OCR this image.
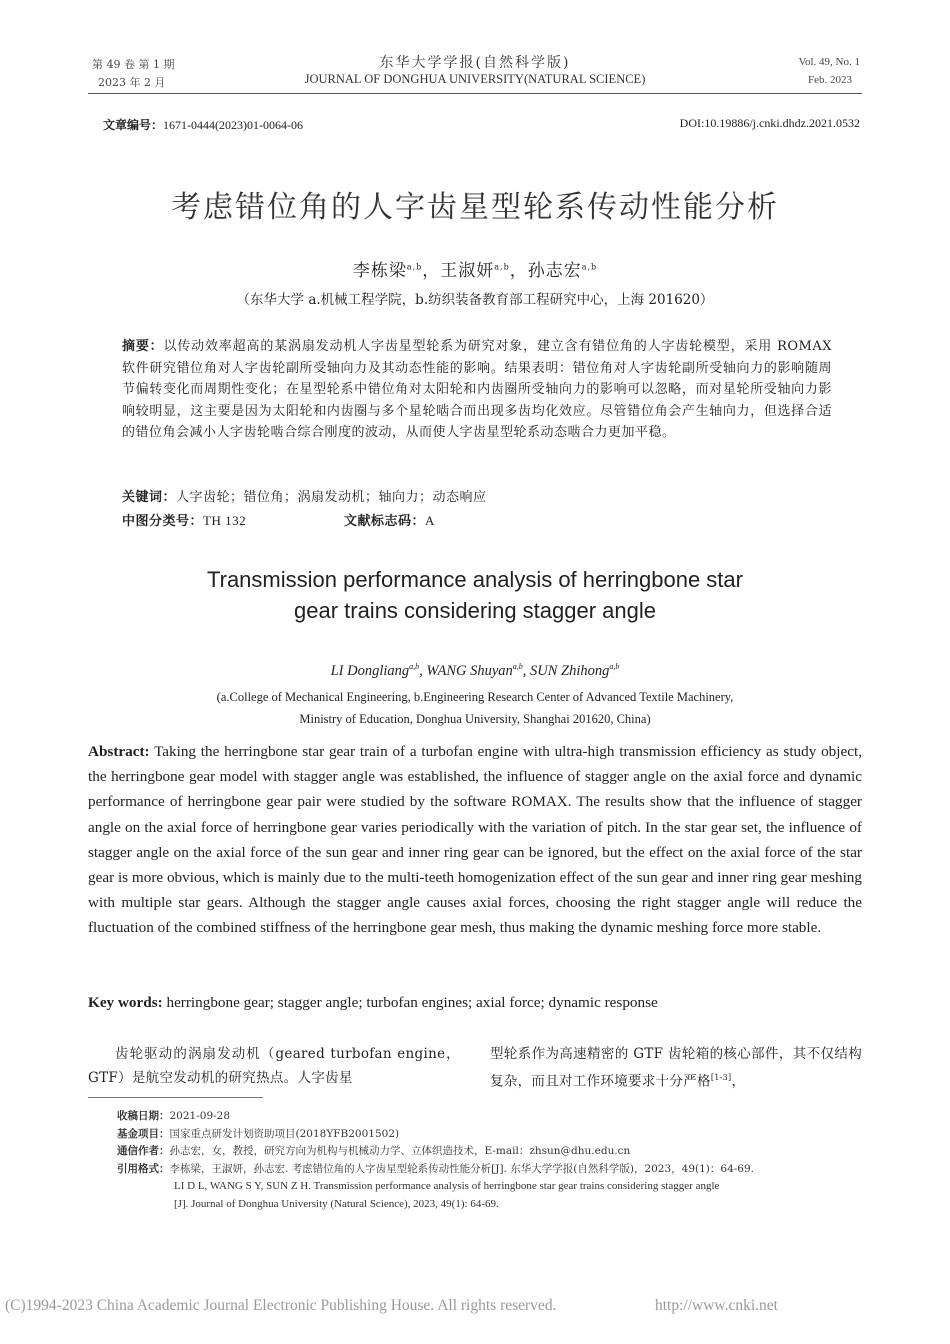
第 49 卷 第 1 期
2023 年 2 月
东华大学学报(自然科学版)
JOURNAL OF DONGHUA UNIVERSITY(NATURAL SCIENCE)
Vol. 49, No. 1
Feb. 2023
文章编号：1671-0444(2023)01-0064-06	DOI:10.19886/j.cnki.dhdz.2021.0532
考虑错位角的人字齿星型轮系传动性能分析
李栋梁$^{a,b}$，王淑妍$^{a,b}$，孙志宏$^{a,b}$
（东华大学 a.机械工程学院，b.纺织装备教育部工程研究中心，上海 201620）
摘要：以传动效率超高的某涡扇发动机人字齿星型轮系为研究对象，建立含有错位角的人字齿轮模型，采用 ROMAX 软件研究错位角对人字齿轮副所受轴向力及其动态性能的影响。结果表明：错位角对人字齿轮副所受轴向力的影响随周节偏转变化而周期性变化；在星型轮系中错位角对太阳轮和内齿圈所受轴向力的影响可以忽略，而对星轮所受轴向力影响较明显，这主要是因为太阳轮和内齿圈与多个星轮啮合而出现多齿均化效应。尽管错位角会产生轴向力，但选择合适的错位角会减小人字齿轮啮合综合刚度的波动，从而使人字齿星型轮系动态啮合力更加平稳。
关键词：人字齿轮；错位角；涡扇发动机；轴向力；动态响应
中图分类号：TH 132	文献标志码：A
Transmission performance analysis of herringbone star
gear trains considering stagger angle
LI Dongliang$^{a,b}$, WANG Shuyan$^{a,b}$, SUN Zhihong$^{a,b}$
(a.College of Mechanical Engineering, b.Engineering Research Center of Advanced Textile Machinery,
Ministry of Education, Donghua University, Shanghai 201620, China)
Abstract: Taking the herringbone star gear train of a turbofan engine with ultra-high transmission efficiency as study object, the herringbone gear model with stagger angle was established, the influence of stagger angle on the axial force and dynamic performance of herringbone gear pair were studied by the software ROMAX. The results show that the influence of stagger angle on the axial force of herringbone gear varies periodically with the variation of pitch. In the star gear set, the influence of stagger angle on the axial force of the sun gear and inner ring gear can be ignored, but the effect on the axial force of the star gear is more obvious, which is mainly due to the multi-teeth homogenization effect of the sun gear and inner ring gear meshing with multiple star gears. Although the stagger angle causes axial forces, choosing the right stagger angle will reduce the fluctuation of the combined stiffness of the herringbone gear mesh, thus making the dynamic meshing force more stable.
Key words: herringbone gear; stagger angle; turbofan engines; axial force; dynamic response
齿轮驱动的涡扇发动机（geared turbofan engine，GTF）是航空发动机的研究热点。人字齿星
型轮系作为高速精密的 GTF 齿轮箱的核心部件，其不仅结构复杂，而且对工作环境要求十分严格[1-3]，
收稿日期：2021-09-28
基金项目：国家重点研发计划资助项目(2018YFB2001502)
通信作者：孙志宏，女，教授，研究方向为机构与机械动力学、立体织造技术，E-mail：zhsun@dhu.edu.cn
引用格式：李栋梁，王淑妍，孙志宏. 考虑错位角的人字齿星型轮系传动性能分析[J]. 东华大学学报(自然科学版)，2023，49(1)：64-69.
LI D L, WANG S Y, SUN Z H. Transmission performance analysis of herringbone star gear trains considering stagger angle
[J]. Journal of Donghua University (Natural Science), 2023, 49(1): 64-69.
(C)1994-2023 China Academic Journal Electronic Publishing House. All rights reserved.	http://www.cnki.net
